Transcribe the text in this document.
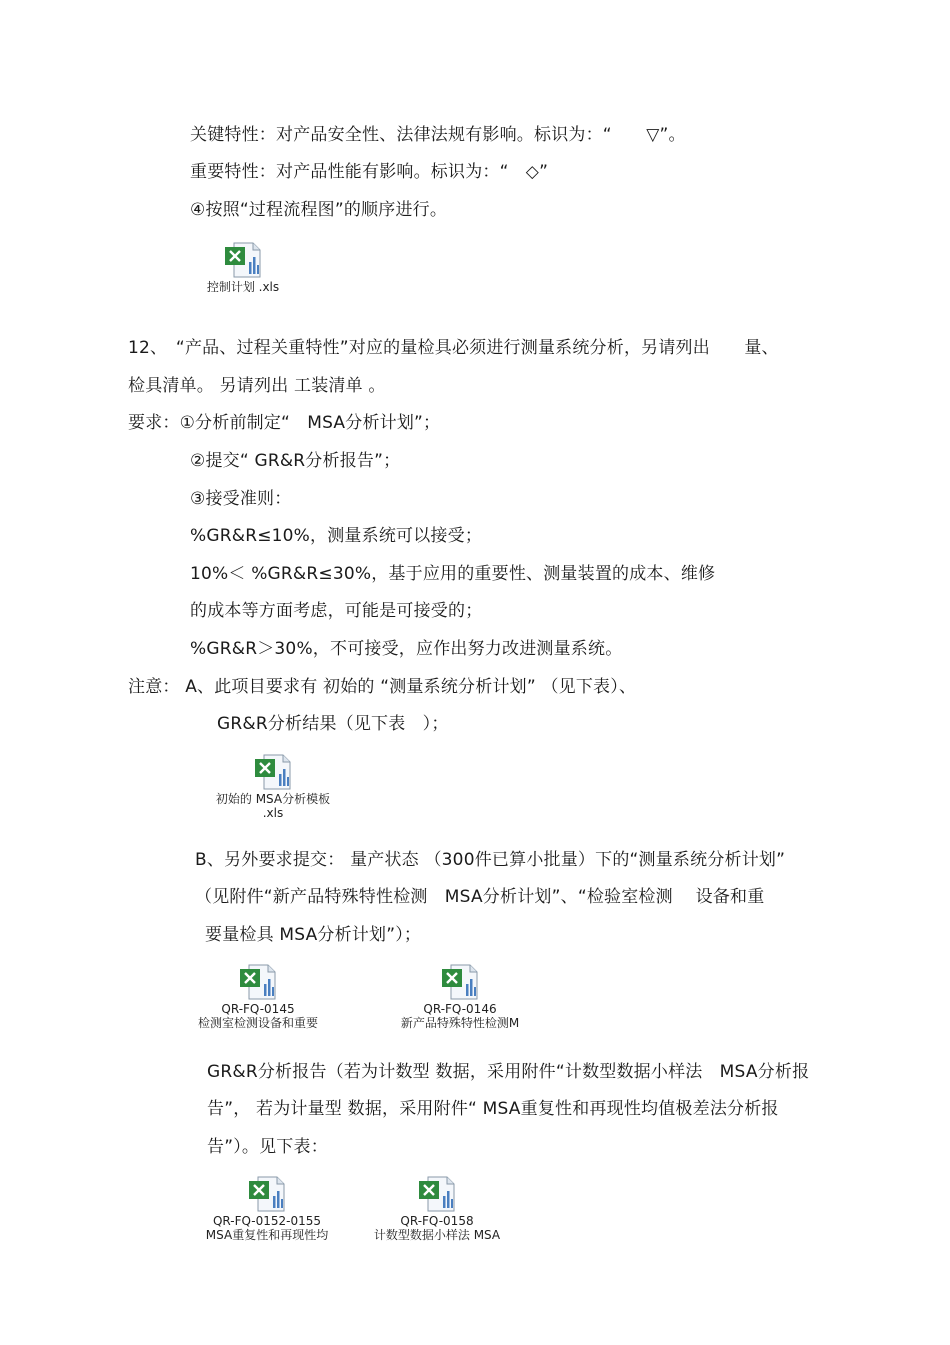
关键特性：对产品安全性、法律法规有影响。标识为：“　　▽”。
重要特性：对产品性能有影响。标识为：“　◇”
④按照“过程流程图”的顺序进行。
控制计划 .xls
12、　“产品、过程关重特性”对应的量检具必须进行测量系统分析，另请列出　　量、
检具清单。 另请列出 工装清单 。
要求：①分析前制定“　MSA分析计划”；
②提交“ GR&R分析报告”；
③接受准则：
%GR&R≤10%，测量系统可以接受；
10%＜ %GR&R≤30%，基于应用的重要性、测量装置的成本、维修
的成本等方面考虑，可能是可接受的；
%GR&R＞30%，不可接受，应作出努力改进测量系统。
注意： A、此项目要求有 初始的 “测量系统分析计划” （见下表）、
GR&R分析结果（见下表　）；
初始的 MSA分析模板
.xls
B、另外要求提交： 量产状态 （300件已算小批量）下的“测量系统分析计划”
（见附件“新产品特殊特性检测　MSA分析计划”、“检验室检测　 设备和重
要量检具 MSA分析计划”）；
QR-FQ-0145
检测室检测设备和重要
QR-FQ-0146
新产品特殊特性检测M
GR&R分析报告（若为计数型 数据，采用附件“计数型数据小样法　MSA分析报
告”， 若为计量型 数据，采用附件“ MSA重复性和再现性均值极差法分析报
告”）。见下表：
QR-FQ-0152-0155
MSA重复性和再现性均
QR-FQ-0158
计数型数据小样法 MSA
